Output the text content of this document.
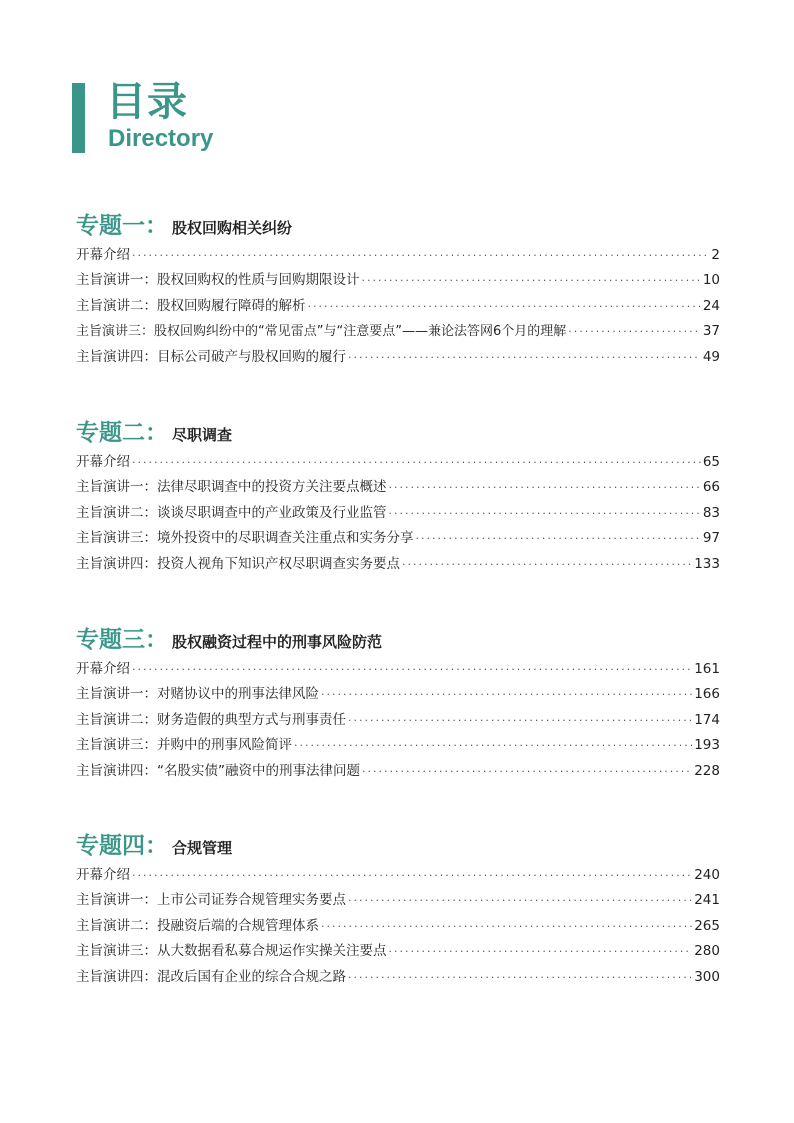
目录
Directory
专题一： 股权回购相关纠纷
开幕介绍 ·····	2
主旨演讲一：股权回购权的性质与回购期限设计 ·····	10
主旨演讲二：股权回购履行障碍的解析 ·····	24
主旨演讲三：股权回购纠纷中的“常见雷点”与“注意要点”——兼论法答网6个月的理解 ·····	37
主旨演讲四：目标公司破产与股权回购的履行 ·····	49
专题二： 尽职调查
开幕介绍 ·····	65
主旨演讲一：法律尽职调查中的投资方关注要点概述 ·····	66
主旨演讲二：谈谈尽职调查中的产业政策及行业监管 ·····	83
主旨演讲三：境外投资中的尽职调查关注重点和实务分享 ·····	97
主旨演讲四：投资人视角下知识产权尽职调查实务要点 ·····	133
专题三： 股权融资过程中的刑事风险防范
开幕介绍 ·····	161
主旨演讲一：对赌协议中的刑事法律风险 ·····	166
主旨演讲二：财务造假的典型方式与刑事责任 ·····	174
主旨演讲三：并购中的刑事风险简评 ·····	193
主旨演讲四：“名股实债”融资中的刑事法律问题 ·····	228
专题四： 合规管理
开幕介绍 ·····	240
主旨演讲一：上市公司证券合规管理实务要点 ·····	241
主旨演讲二：投融资后端的合规管理体系 ·····	265
主旨演讲三：从大数据看私募合规运作实操关注要点 ·····	280
主旨演讲四：混改后国有企业的综合合规之路 ·····	300
